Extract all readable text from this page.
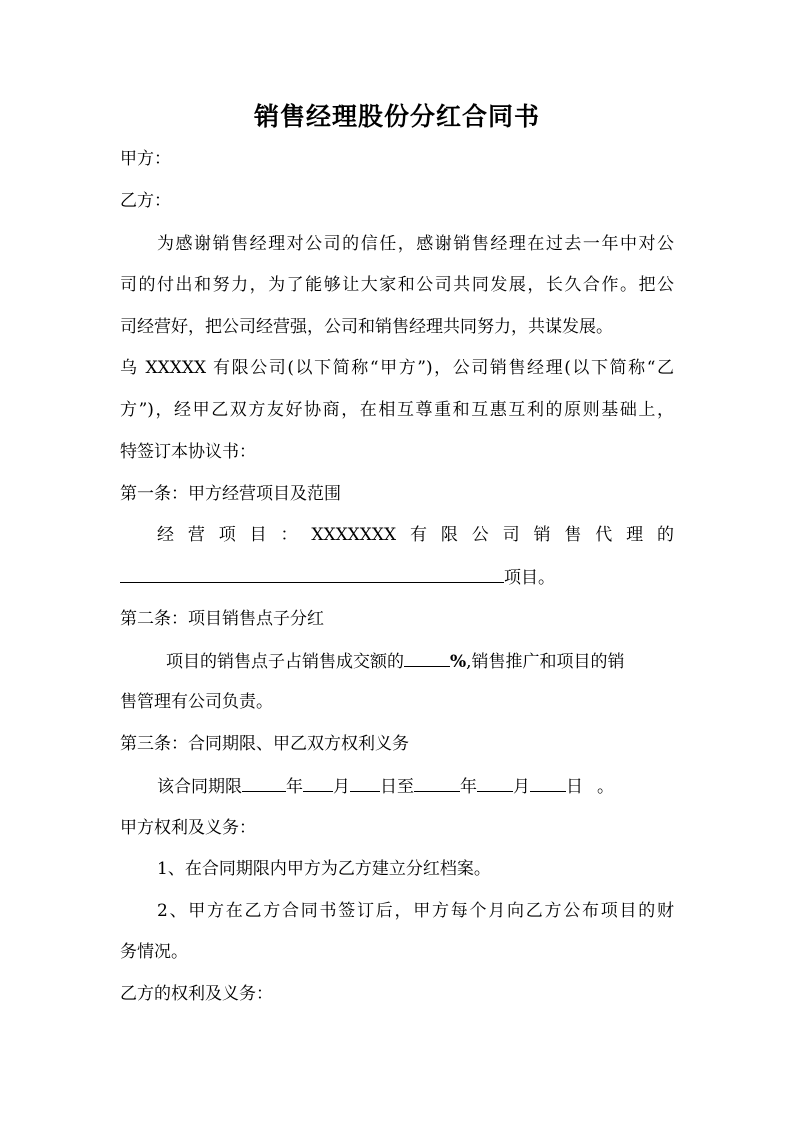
销售经理股份分红合同书
甲方：
乙方：
为感谢销售经理对公司的信任，感谢销售经理在过去一年中对公
司的付出和努力，为了能够让大家和公司共同发展，长久合作。把公
司经营好，把公司经营强，公司和销售经理共同努力，共谋发展。
乌 XXXXX 有限公司(以下简称“甲方”)，公司销售经理(以下简称“乙
方”)，经甲乙双方友好协商，在相互尊重和互惠互利的原则基础上，
特签订本协议书：
第一条：甲方经营项目及范围
经 营 项 目 ： XXXXXXX 有 限 公 司 销 售 代 理 的
项目。
第二条：项目销售点子分红
项目的销售点子占销售成交额的	%,销售推广和项目的销
售管理有公司负责。
第三条：合同期限、甲乙双方权利义务
该合同期限	年 月 日至	年 月 日 。
甲方权利及义务：
1、在合同期限内甲方为乙方建立分红档案。
2、甲方在乙方合同书签订后，甲方每个月向乙方公布项目的财
务情况。
乙方的权利及义务：
